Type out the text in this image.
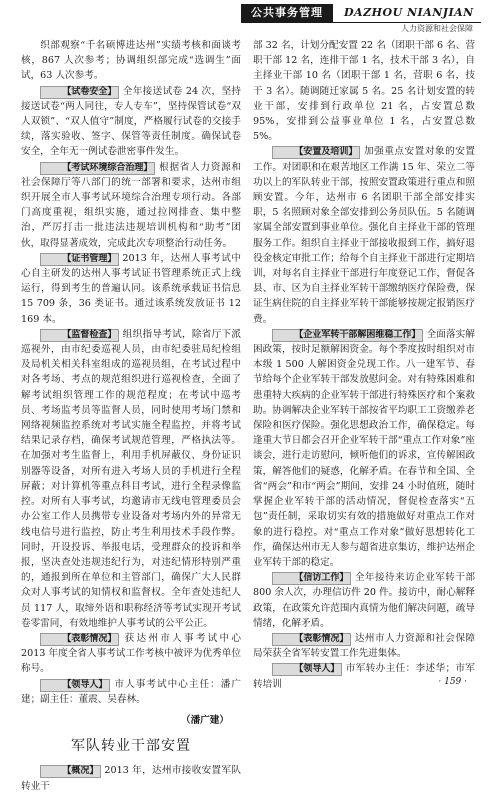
公共事务管理	DAZHOU NIANJIAN
人力资源和社会保障

织部观察“千名硕博进达州”实绩考核和面谈考核，867 人次参考；协调组织部完成“选调生”面试，63 人次参考。

【试卷安全】 全年接送试卷 24 次，坚持接送试卷“两人同往，专人专车”，坚持保管试卷“双人双锁”、“双人值守”制度，严格履行试卷的交接手续，落实验收、签字、保管等责任制度。确保试卷安全，全年无一例试卷泄密事件发生。

【考试环境综合治理】 根据省人力资源和社会保障厅等八部门的统一部署和要求，达州市组织开展全市人事考试环境综合治理专项行动。各部门高度重视，组织实施，通过拉网排查、集中整治，严厉打击一批违法违规培训机构和“助考”团伙，取得显著成效，完成此次专项整治行动任务。

【证书管理】 2013 年，达州人事考试中心自主研发的达州人事考试证书管理系统正式上线运行，得到考生的普遍认同。该系统承载证书信息 15 709 条，36 类证书。通过该系统发放证书 12 169 本。

【监督检查】 组织指导考试，除省厅下派巡视外，由市纪委巡视人员，由市纪委驻局纪检组及局机关相关科室组成的巡视员组，在考试过程中对各考场、考点的规范组织进行巡视检查，全面了解考试组织管理工作的规范程度；在考试中巡考员、考场监考员等监督人员，同时使用考场门禁和网络视频监控系统对考试实施全程监控，并将考试结果记录存档，确保考试规范管理，严格执法等。在加强对考生监督上，利用手机屏蔽仪、身份证识别器等设备，对所有进入考场人员的手机进行全程屏蔽；对计算机等重点科目考试，进行全程录像监控。对所有人事考试，均邀请市无线电管理委员会办公室工作人员携带专业设备对考场内外的异常无线电信号进行监控，防止考生利用技术手段作弊。同时，开设投诉、举报电话，受理群众的投诉和举报，坚决查处违规违纪行为，对违纪情形特别严重的，通报到所在单位和主管部门，确保广大人民群众对人事考试的知情权和监督权。全年查处违纪人员 117 人，取缔外语和职称经济等考试实现开考试卷零雷同，有效地维护人事考试的公平公正。

【表彰情况】 获达州市人事考试中心 2013 年度全省人事考试工作考核中被评为优秀单位称号。

【领导人】 市人事考试中心主任：潘广建；副主任：董震、吴春林。

（潘广建）
军队转业干部安置

【概况】 2013 年，达州市接收安置军队转业干

部 32 名，计划分配安置 22 名（团职干部 6 名、营职干部 12 名，连排干部 1 名，技术干部 3 名），自主择业干部 10 名（团职干部 1 名，营职 6 名，技干 3 名）。随调随迁家属 5 名。25 名计划安置的转业干部，安排到行政单位 21 名，占安置总数 95%，安排到公益事业单位 1 名，占安置总数 5%。

【安置及培训】 加强重点安置对象的安置工作。对团职和在艰苦地区工作满 15 年、荣立二等功以上的军队转业干部，按照安置政策进行重点和照顾安置。今年，达州市 6 名团职干部全部安排实职，5 名照顾对象全部安排到公务员队伍。5 名随调家属全部安置到事业单位。强化自主择业干部的管理服务工作。组织自主择业干部接收报到工作，搞好退役金核定审批工作；给每个自主择业干部进行定期培训，对每名自主择业干部进行年度登记工作，督促各县、市、区为自主择业军转干部缴纳医疗保险费，保证生病住院的自主择业军转干部能够按规定报销医疗费。

【企业军转干部解困维稳工作】 全面落实解困政策，按时足额解困资金。每个季度按时组织对市本级 1 500 人解困资金兑现工作。八一建军节、春节给每个企业军转干部发放慰问金。对有特殊困难和患重特大疾病的企业军转干部进行特殊医疗和个案救助。协调解决企业军转干部按省平均职工工资缴养老保险和医疗保险。强化思想政治工作，确保稳定。每逢重大节日都会召开企业军转干部“重点工作对象”座谈会，进行走访慰问，倾听他们的诉求，宣传解困政策，解答他们的疑惑，化解矛盾。在春节和全国、全省“两会”和市“两会”期间，安排 24 小时值班，随时掌握企业军转干部的活动情况，督促检查落实“五包”责任制，采取切实有效的措施做好对重点工作对象的进行稳控。对“重点工作对象”做好思想转化工作，确保达州市无人参与超省进京集访，维护达州企业军转干部的稳定。

【信访工作】 全年接待来访企业军转干部 800 余人次，办理信访件 20 件。接访中，耐心解释政策，在政策允许范围内真情为他们解决问题，疏导情绪，化解矛盾。

【表彰情况】 达州市人力资源和社会保障局荣获全省军转安置工作先进集体。

【领导人】 市军转办主任：李述华；市军转培训	· 159 ·
